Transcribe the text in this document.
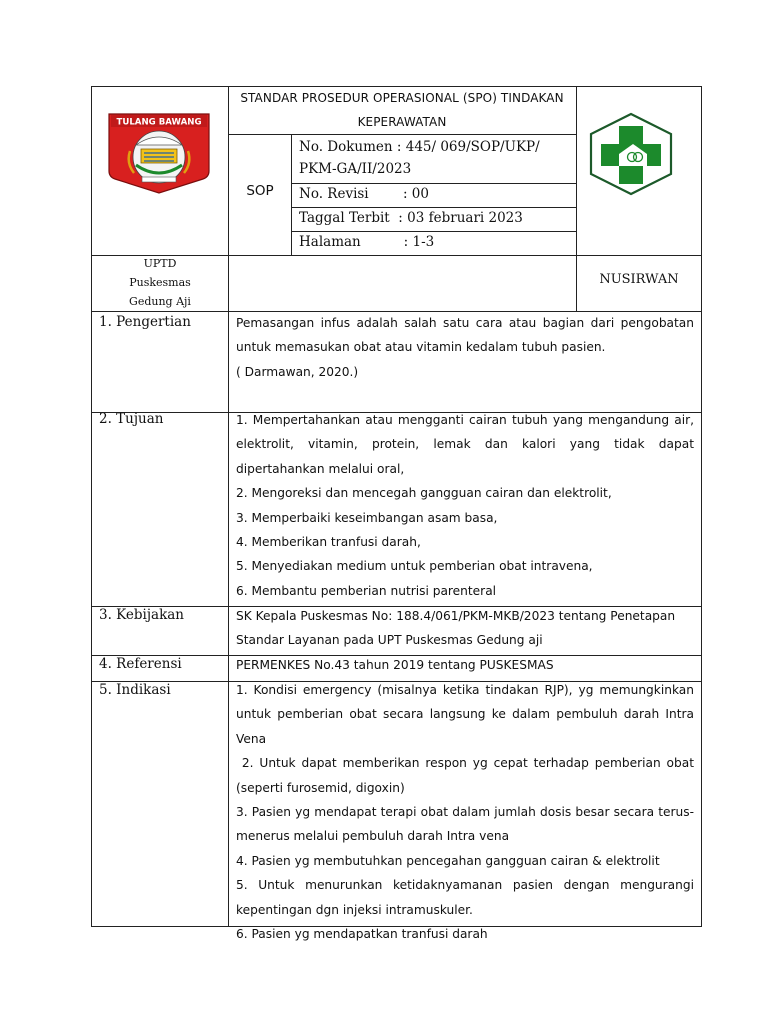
TULANG BAWANG
STANDAR PROSEDUR OPERASIONAL (SPO) TINDAKAN
KEPERAWATAN
SOP
No. Dokumen : 445/ 069/SOP/UKP/
PKM-GA/II/2023
No. Revisi        : 00
Taggal Terbit  : 03 februari 2023
Halaman          : 1-3
UPTD
Puskesmas
Gedung Aji
NUSIRWAN
1. Pengertian	Pemasangan infus adalah salah satu cara atau bagian dari pengobatan untuk memasukan obat atau vitamin kedalam tubuh pasien.

( Darmawan, 2020.)

2. Tujuan	1. Mempertahankan atau mengganti cairan tubuh yang mengandung air, elektrolit, vitamin, protein, lemak dan kalori yang tidak dapat dipertahankan melalui oral,

2. Mengoreksi dan mencegah gangguan cairan dan elektrolit,

3. Memperbaiki keseimbangan asam basa,

4. Memberikan tranfusi darah,

5. Menyediakan medium untuk pemberian obat intravena,

6. Membantu pemberian nutrisi parenteral

3. Kebijakan	SK Kepala Puskesmas No: 188.4/061/PKM-MKB/2023 tentang Penetapan Standar Layanan pada UPT Puskesmas Gedung aji

4. Referensi	PERMENKES No.43 tahun 2019 tentang PUSKESMAS

5. Indikasi	1. Kondisi emergency (misalnya ketika tindakan RJP), yg memungkinkan untuk pemberian obat secara langsung ke dalam pembuluh darah Intra Vena

2. Untuk dapat memberikan respon yg cepat terhadap pemberian obat (seperti furosemid, digoxin)

3. Pasien yg mendapat terapi obat dalam jumlah dosis besar secara terus-menerus melalui pembuluh darah Intra vena

4. Pasien yg membutuhkan pencegahan gangguan cairan & elektrolit

5. Untuk menurunkan ketidaknyamanan pasien dengan mengurangi kepentingan dgn injeksi intramuskuler.

6. Pasien yg mendapatkan tranfusi darah
